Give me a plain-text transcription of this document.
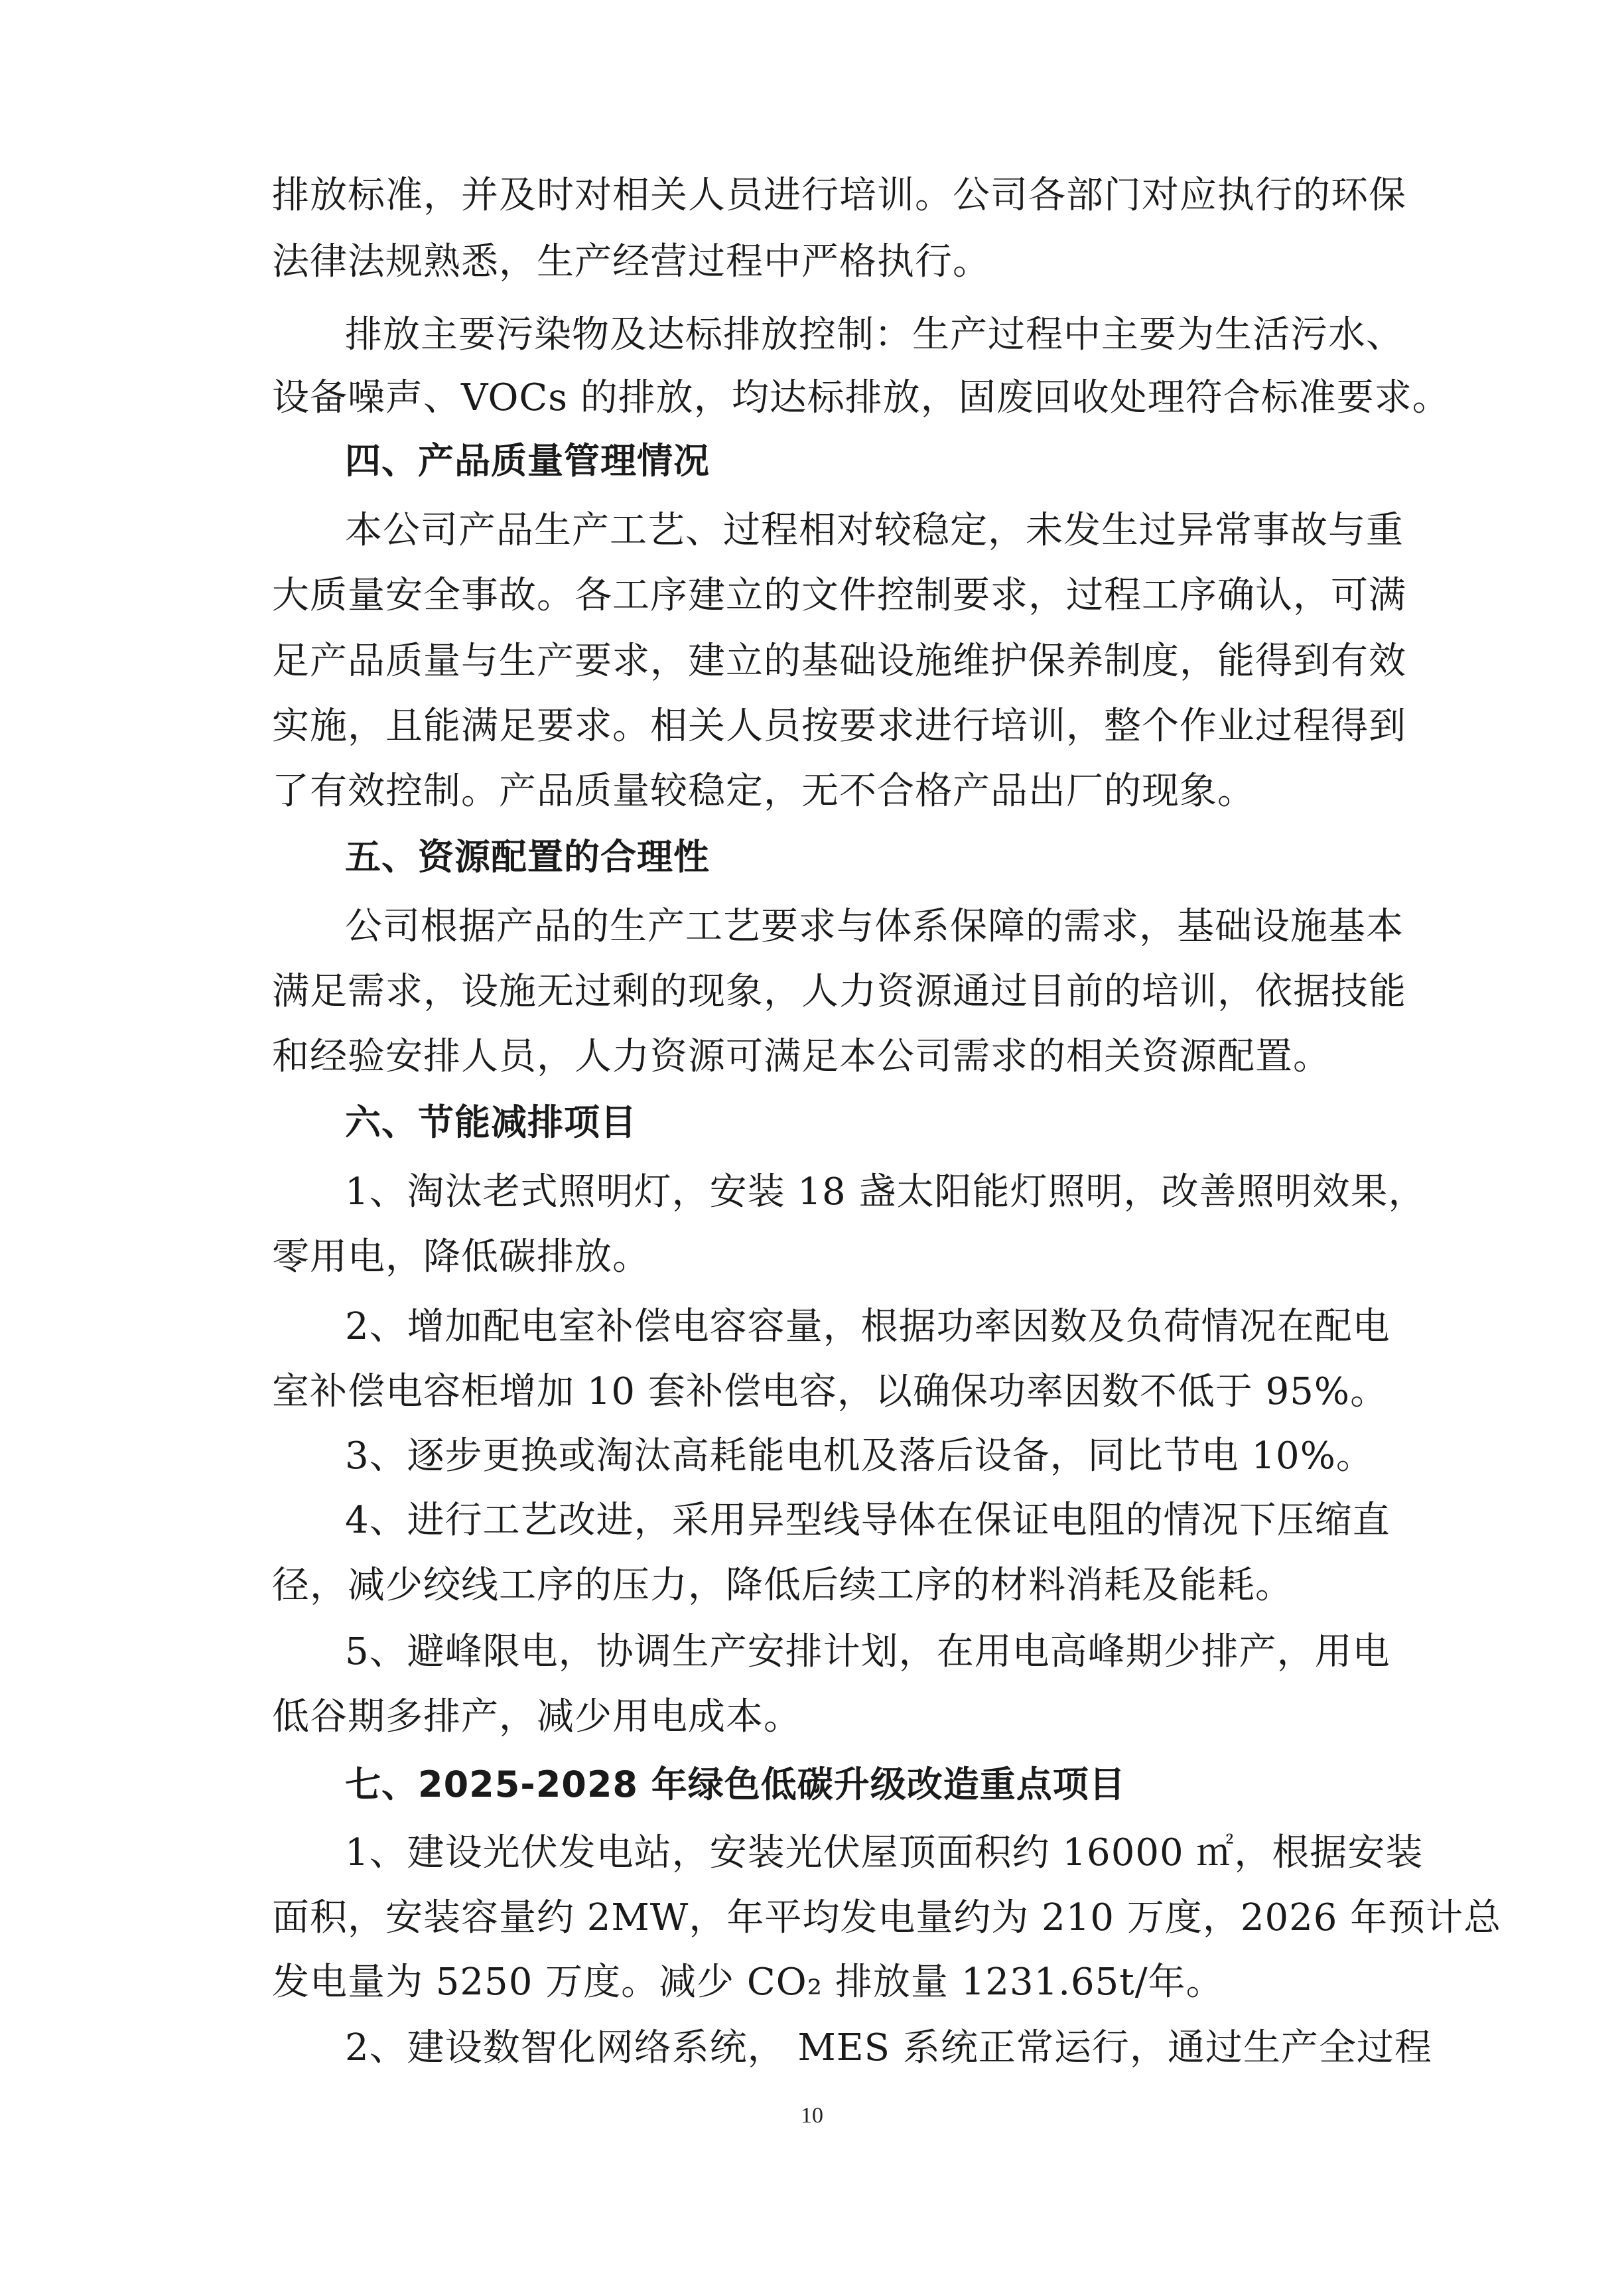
排放标准，并及时对相关人员进行培训。公司各部门对应执行的环保
法律法规熟悉，生产经营过程中严格执行。
排放主要污染物及达标排放控制：生产过程中主要为生活污水、
设备噪声、VOCs 的排放，均达标排放，固废回收处理符合标准要求。
四、产品质量管理情况
本公司产品生产工艺、过程相对较稳定，未发生过异常事故与重
大质量安全事故。各工序建立的文件控制要求，过程工序确认，可满
足产品质量与生产要求，建立的基础设施维护保养制度，能得到有效
实施，且能满足要求。相关人员按要求进行培训，整个作业过程得到
了有效控制。产品质量较稳定，无不合格产品出厂的现象。
五、资源配置的合理性
公司根据产品的生产工艺要求与体系保障的需求，基础设施基本
满足需求，设施无过剩的现象，人力资源通过目前的培训，依据技能
和经验安排人员，人力资源可满足本公司需求的相关资源配置。
六、节能减排项目
1、淘汰老式照明灯，安装 18 盏太阳能灯照明，改善照明效果，
零用电，降低碳排放。
2、增加配电室补偿电容容量，根据功率因数及负荷情况在配电
室补偿电容柜增加 10 套补偿电容，以确保功率因数不低于 95%。
3、逐步更换或淘汰高耗能电机及落后设备，同比节电 10%。
4、进行工艺改进，采用异型线导体在保证电阻的情况下压缩直
径，减少绞线工序的压力，降低后续工序的材料消耗及能耗。
5、避峰限电，协调生产安排计划，在用电高峰期少排产，用电
低谷期多排产，减少用电成本。
七、2025-2028 年绿色低碳升级改造重点项目
1、建设光伏发电站，安装光伏屋顶面积约 16000 ㎡，根据安装
面积，安装容量约 2MW，年平均发电量约为 210 万度，2026 年预计总
发电量为 5250 万度。减少 CO₂ 排放量 1231.65t/年。
2、建设数智化网络系统， MES 系统正常运行，通过生产全过程
10
